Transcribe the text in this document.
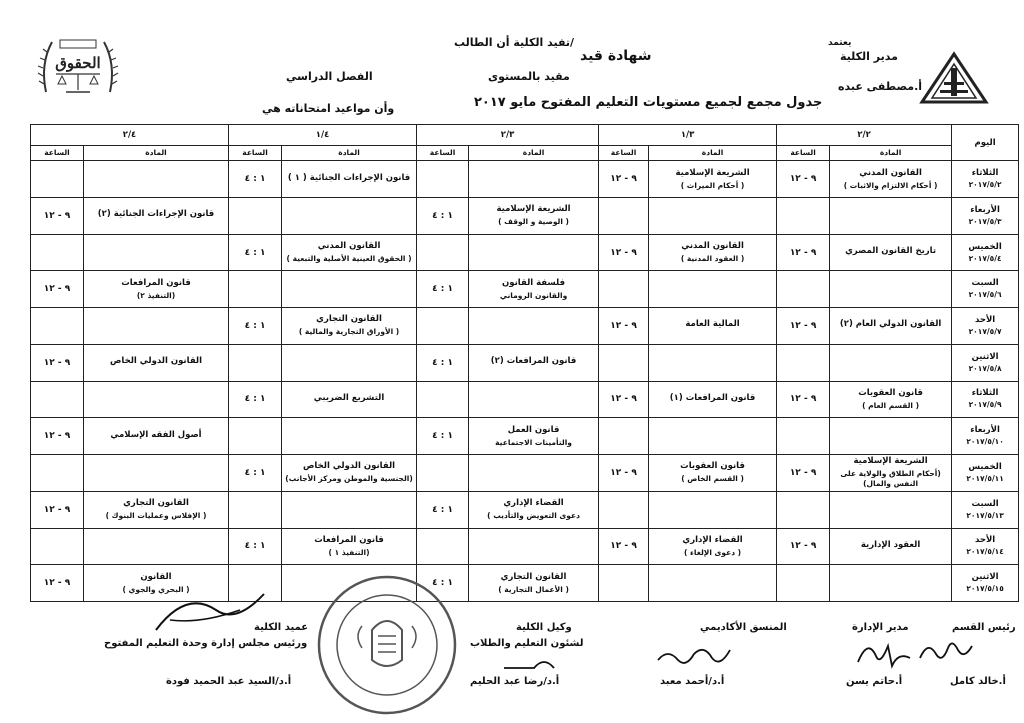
الحقوق	شهادة قيد
تفيد الكلية أن الطالب/
مقيد بالمستوى
الفصل الدراسي
وأن مواعيد امتحاناته هي	جدول مجمع لجميع مستويات التعليم المفتوح مايو ٢٠١٧
يعتمد
مدير الكلية
أ.مصطفى عبده
اليوم	٢/٢		١/٣		٢/٣		١/٤		٢/٤	
	المادة	الساعة	المادة	الساعة	المادة	الساعة	المادة	الساعة	المادة	الساعة
الثلاثاء
٢٠١٧/٥/٢	القانون المدني
( أحكام الالتزام والاثبات )	٩ - ١٢	الشريعة الإسلامية
( أحكام الميراث )	٩ - ١٢			قانون الإجراءات الجنائية ( ١ )	١ : ٤	

الأربعاء
٢٠١٧/٥/٣					الشريعة الإسلامية
( الوصية و الوقف )	١ : ٤			قانون الإجراءات الجنائية (٢)	٩ - ١٢
الخميس
٢٠١٧/٥/٤	تاريخ القانون المصري	٩ - ١٢	القانون المدني
( العقود المدنية )	٩ - ١٢			القانون المدني
( الحقوق العينية الأصلية والتبعية )	١ : ٤	

السبت
٢٠١٧/٥/٦					فلسفة القانون
والقانون الروماني	١ : ٤			قانون المرافعات
(التنفيذ ٢)	٩ - ١٢
الأحد
٢٠١٧/٥/٧	القانون الدولي العام (٢)	٩ - ١٢	المالية العامة	٩ - ١٢			القانون التجاري
( الأوراق التجارية والمالية )	١ : ٤	

الاثنين
٢٠١٧/٥/٨					قانون المرافعات (٢)	١ : ٤			القانون الدولي الخاص	٩ - ١٢
الثلاثاء
٢٠١٧/٥/٩	قانون العقوبات
( القسم العام )	٩ - ١٢	قانون المرافعات (١)	٩ - ١٢			التشريع الضريبي	١ : ٤	

الأربعاء
٢٠١٧/٥/١٠					قانون العمل
والتأمينات الاجتماعية	١ : ٤			أصول الفقه الإسلامي	٩ - ١٢
الخميس
٢٠١٧/٥/١١	الشريعة الإسلامية
(أحكام الطلاق والولاية على النفس والمال)	٩ - ١٢	قانون العقوبات
( القسم الخاص )	٩ - ١٢			القانون الدولي الخاص
(الجنسية والموطن ومركز الأجانب)	١ : ٤	

السبت
٢٠١٧/٥/١٣					القضاء الإداري
دعوى التعويض والتأديب )	١ : ٤			القانون التجاري
( الإفلاس وعمليات البنوك )	٩ - ١٢
الأحد
٢٠١٧/٥/١٤	العقود الإدارية	٩ - ١٢	القضاء الإداري
( دعوى الإلغاء )	٩ - ١٢			قانون المرافعات
(التنفيذ ١ )	١ : ٤	

الاثنين
٢٠١٧/٥/١٥					القانون التجاري
( الأعمال التجارية )	١ : ٤			القانون
( البحري والجوي )	٩ - ١٢
رئيس القسم
أ.خالد كامل
مدير الإدارة
أ.حاتم يسن
المنسق الأكاديمي
أ.د/أحمد معبد
وكيل الكلية
لشئون التعليم والطلاب
أ.د/رضا عبد الحليم
عميد الكلية
ورئيس مجلس إدارة وحدة التعليم المفتوح
أ.د/السيد عبد الحميد فودة
